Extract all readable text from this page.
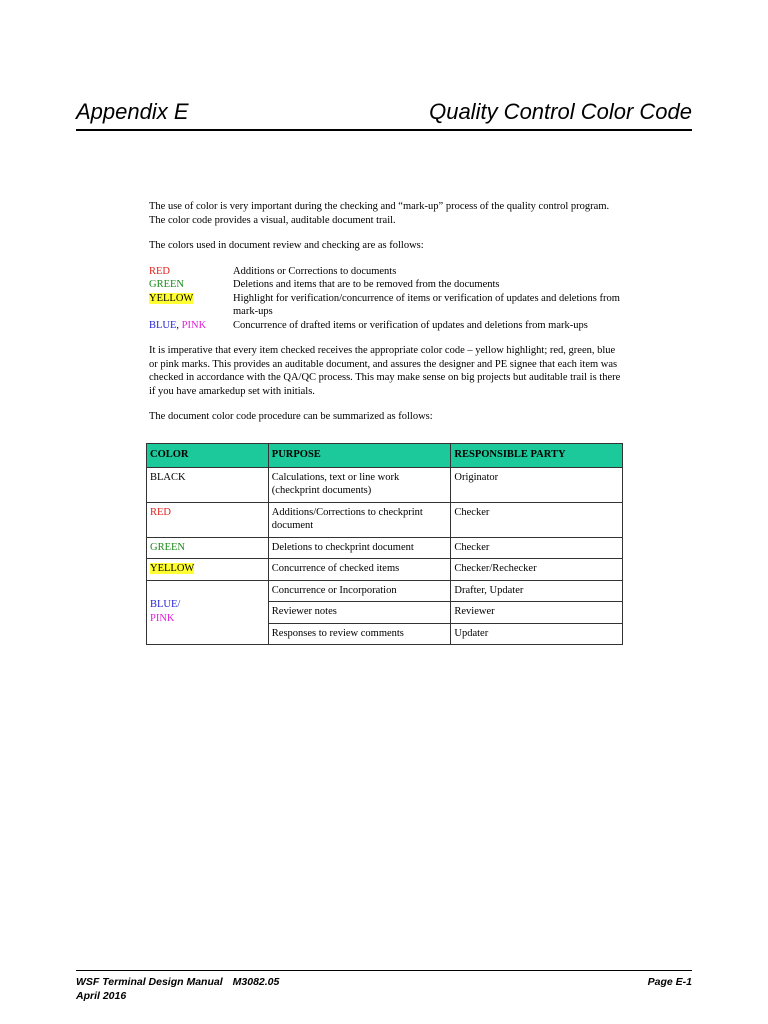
Appendix E	Quality Control Color Code

The use of color is very important during the checking and “mark-up” process of the quality control program. The color code provides a visual, auditable document trail.

The colors used in document review and checking are as follows:

RED	Additions or Corrections to documents
GREEN	Deletions and items that are to be removed from the documents
YELLOW	Highlight for verification/concurrence of items or verification of updates and deletions from mark-ups
BLUE, PINK	Concurrence of drafted items or verification of updates and deletions from mark-ups

It is imperative that every item checked receives the appropriate color code – yellow highlight; red, green, blue or pink marks. This provides an auditable document, and assures the designer and PE signee that each item was checked in accordance with the QA/QC process. This may make sense on big projects but auditable trail is there if you have amarkedup set with initials.

The document color code procedure can be summarized as follows:

COLOR	PURPOSE	RESPONSIBLE PARTY
BLACK	Calculations, text or line work (checkprint documents)	Originator
RED	Additions/Corrections to checkprint document	Checker
GREEN	Deletions to checkprint document	Checker
YELLOW	Concurrence of checked items	Checker/Rechecker

BLUE/
PINK	Concurrence or Incorporation	Drafter, Updater
	Reviewer notes	Reviewer
	Responses to review comments	Updater
WSF Terminal Design Manual M3082.05
April 2016
Page E-1
